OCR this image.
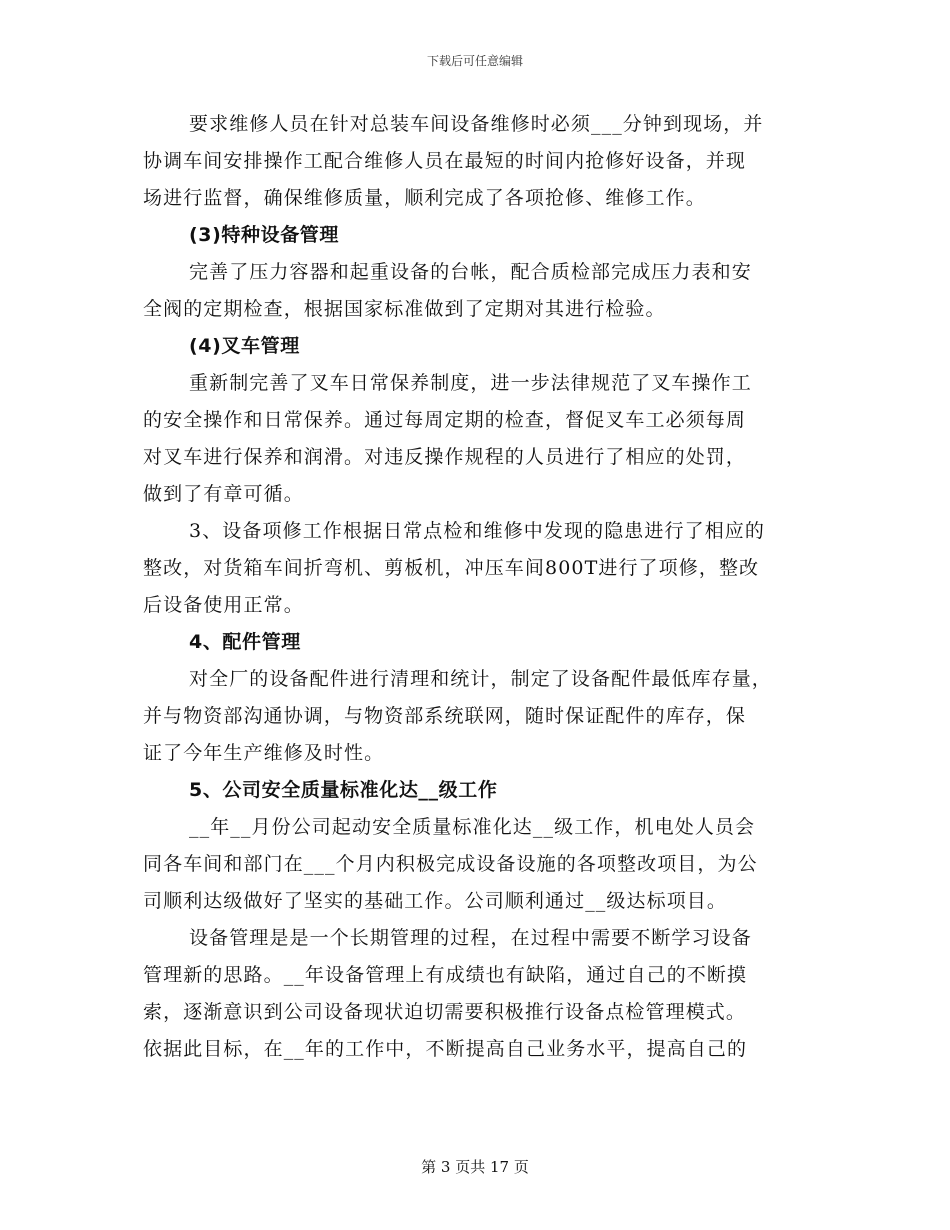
下载后可任意编辑
要求维修人员在针对总装车间设备维修时必须___分钟到现场，并
协调车间安排操作工配合维修人员在最短的时间内抢修好设备，并现
场进行监督，确保维修质量，顺利完成了各项抢修、维修工作。
(3)特种设备管理
完善了压力容器和起重设备的台帐，配合质检部完成压力表和安
全阀的定期检查，根据国家标准做到了定期对其进行检验。
(4)叉车管理
重新制完善了叉车日常保养制度，进一步法律规范了叉车操作工
的安全操作和日常保养。通过每周定期的检查，督促叉车工必须每周
对叉车进行保养和润滑。对违反操作规程的人员进行了相应的处罚，
做到了有章可循。
3、设备项修工作根据日常点检和维修中发现的隐患进行了相应的
整改，对货箱车间折弯机、剪板机，冲压车间800T进行了项修，整改
后设备使用正常。
4、配件管理
对全厂的设备配件进行清理和统计，制定了设备配件最低库存量，
并与物资部沟通协调，与物资部系统联网，随时保证配件的库存，保
证了今年生产维修及时性。
5、公司安全质量标准化达__级工作
__年__月份公司起动安全质量标准化达__级工作，机电处人员会
同各车间和部门在___个月内积极完成设备设施的各项整改项目，为公
司顺利达级做好了坚实的基础工作。公司顺利通过__级达标项目。
设备管理是是一个长期管理的过程，在过程中需要不断学习设备
管理新的思路。__年设备管理上有成绩也有缺陷，通过自己的不断摸
索，逐渐意识到公司设备现状迫切需要积极推行设备点检管理模式。
依据此目标，在__年的工作中，不断提高自己业务水平，提高自己的
第 3 页共 17 页
